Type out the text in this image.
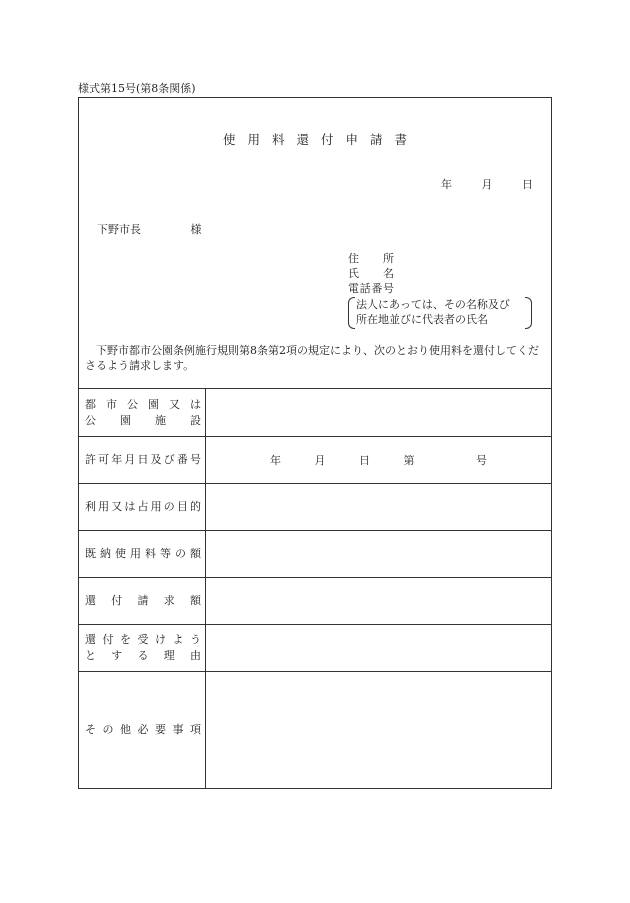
様式第15号(第8条関係)
使用料還付申請書
年	月	日
下野市長	様
住所
氏名
電話番号
法人にあっては、その名称及び
所在地並びに代表者の氏名
下野市都市公園条例施行規則第8条第2項の規定により、次のとおり使用料を還付してくださるよう請求します。
都市公園又は
公園施設	

許可年月日及び番号	年 月 日 第 号

利用又は占用の目的	

既納使用料等の額	

還付請求額	

還付を受けよう
とする理由	

その他必要事項	
